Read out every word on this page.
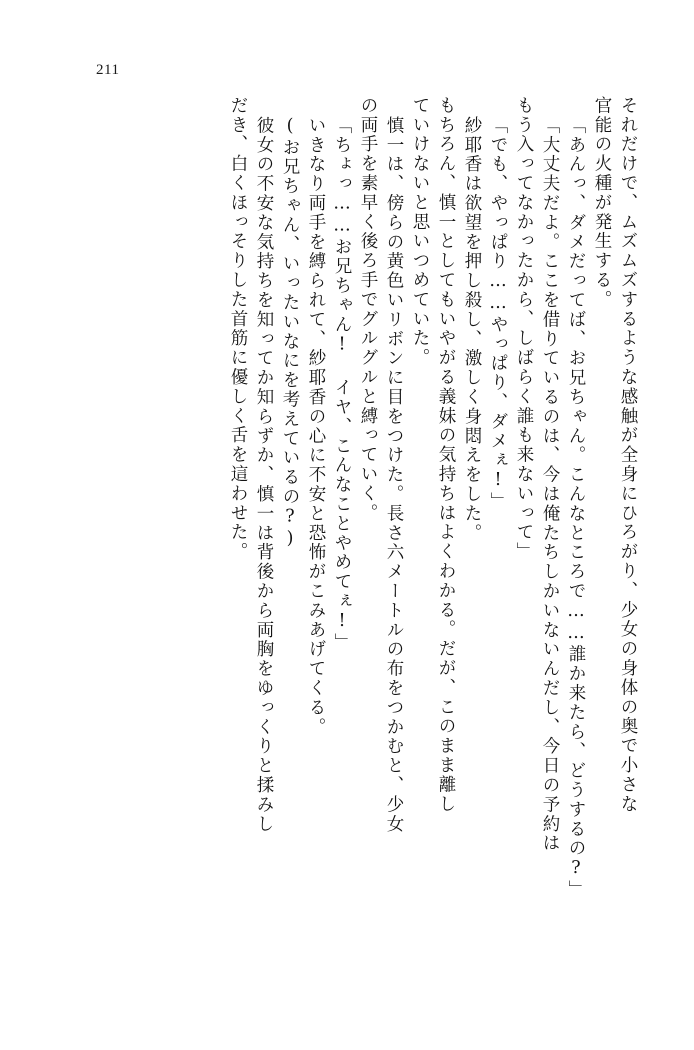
211
それだけで、ムズムズするような感触が全身にひろがり、少女の身体の奥で小さな
官能の火種が発生する。
「あんっ、ダメだってば、お兄ちゃん。こんなところで……誰か来たら、どうするの?」
「大丈夫だよ。ここを借りているのは、今は俺たちしかいないんだし、今日の予約は
もう入ってなかったから、しばらく誰も来ないって」
「でも、やっぱり……やっぱり、ダメぇ!」
紗耶香は欲望を押し殺し、激しく身悶えをした。
もちろん、慎一としてもいやがる義妹の気持ちはよくわかる。だが、このまま離し
ていけないと思いつめていた。
慎一は、傍らの黄色いリボンに目をつけた。長さ六メートルの布をつかむと、少女
の両手を素早く後ろ手でグルグルと縛っていく。
「ちょっ……お兄ちゃん! イヤ、こんなことやめてぇ!」
いきなり両手を縛られて、紗耶香の心に不安と恐怖がこみあげてくる。
(お兄ちゃん、いったいなにを考えているの?)
彼女の不安な気持ちを知ってか知らずか、慎一は背後から両胸をゆっくりと揉みし
だき、白くほっそりした首筋に優しく舌を這わせた。
